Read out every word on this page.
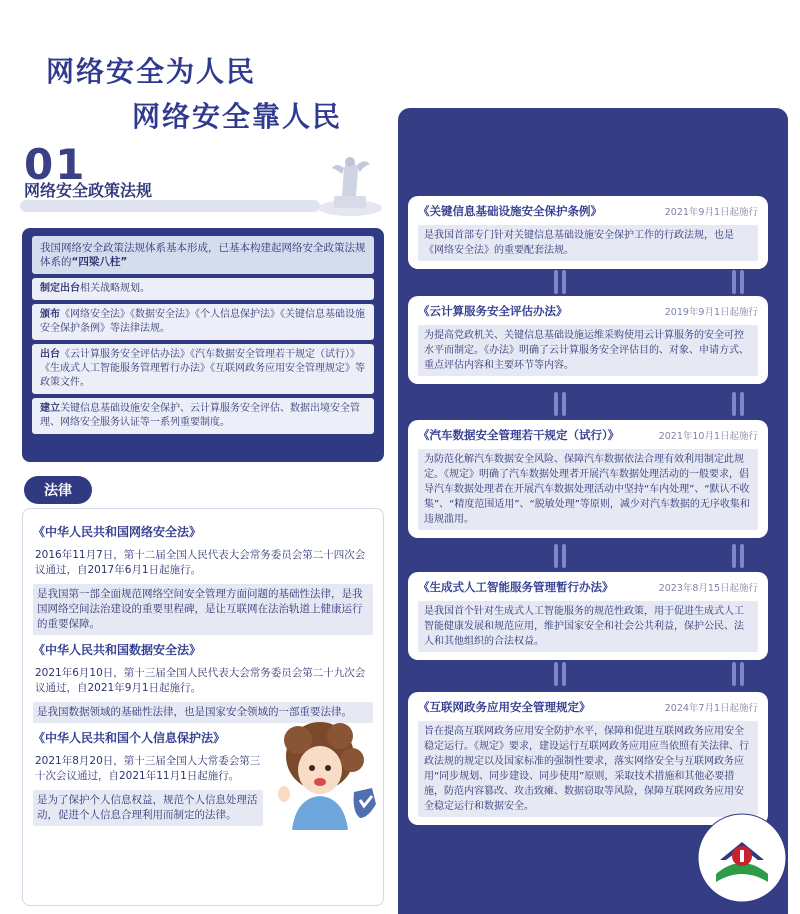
网络安全为人民
网络安全靠人民
01
网络安全政策法规
我国网络安全政策法规体系基本形成，已基本构建起网络安全政策法规体系的“四梁八柱”
制定出台相关战略规划。
颁布《网络安全法》《数据安全法》《个人信息保护法》《关键信息基础设施安全保护条例》等法律法规。
出台《云计算服务安全评估办法》《汽车数据安全管理若干规定（试行）》《生成式人工智能服务管理暂行办法》《互联网政务应用安全管理规定》等政策文件。
建立关键信息基础设施安全保护、云计算服务安全评估、数据出境安全管理、网络安全服务认证等一系列重要制度。
法律
《中华人民共和国网络安全法》
2016年11月7日，第十二届全国人民代表大会常务委员会第二十四次会议通过，自2017年6月1日起施行。
是我国第一部全面规范网络空间安全管理方面问题的基础性法律，是我国网络空间法治建设的重要里程碑，是让互联网在法治轨道上健康运行的重要保障。
《中华人民共和国数据安全法》
2021年6月10日，第十三届全国人民代表大会常务委员会第二十九次会议通过，自2021年9月1日起施行。
是我国数据领域的基础性法律，也是国家安全领域的一部重要法律。
《中华人民共和国个人信息保护法》
2021年8月20日，第十三届全国人大常委会第三十次会议通过，自2021年11月1日起施行。
是为了保护个人信息权益，规范个人信息处理活动，促进个人信息合理利用而制定的法律。
《关键信息基础设施安全保护条例》	2021年9月1日起施行
是我国首部专门针对关键信息基础设施安全保护工作的行政法规，也是《网络安全法》的重要配套法规。
《云计算服务安全评估办法》	2019年9月1日起施行
为提高党政机关、关键信息基础设施运维采购使用云计算服务的安全可控水平而制定。《办法》明确了云计算服务安全评估目的、对象、申请方式、重点评估内容和主要环节等内容。
《汽车数据安全管理若干规定（试行）》	2021年10月1日起施行
为防范化解汽车数据安全风险、保障汽车数据依法合理有效利用制定此规定。《规定》明确了汽车数据处理者开展汽车数据处理活动的一般要求，倡导汽车数据处理者在开展汽车数据处理活动中坚持“车内处理”、“默认不收集”、“精度范围适用”、“脱敏处理”等原则，减少对汽车数据的无序收集和违规滥用。
《生成式人工智能服务管理暂行办法》	2023年8月15日起施行
是我国首个针对生成式人工智能服务的规范性政策，用于促进生成式人工智能健康发展和规范应用，维护国家安全和社会公共利益，保护公民、法人和其他组织的合法权益。
《互联网政务应用安全管理规定》	2024年7月1日起施行
旨在提高互联网政务应用安全防护水平，保障和促进互联网政务应用安全稳定运行。《规定》要求，建设运行互联网政务应用应当依照有关法律、行政法规的规定以及国家标准的强制性要求，落实网络安全与互联网政务应用“同步规划、同步建设、同步使用”原则，采取技术措施和其他必要措施，防范内容篡改、攻击致瘫、数据窃取等风险，保障互联网政务应用安全稳定运行和数据安全。
